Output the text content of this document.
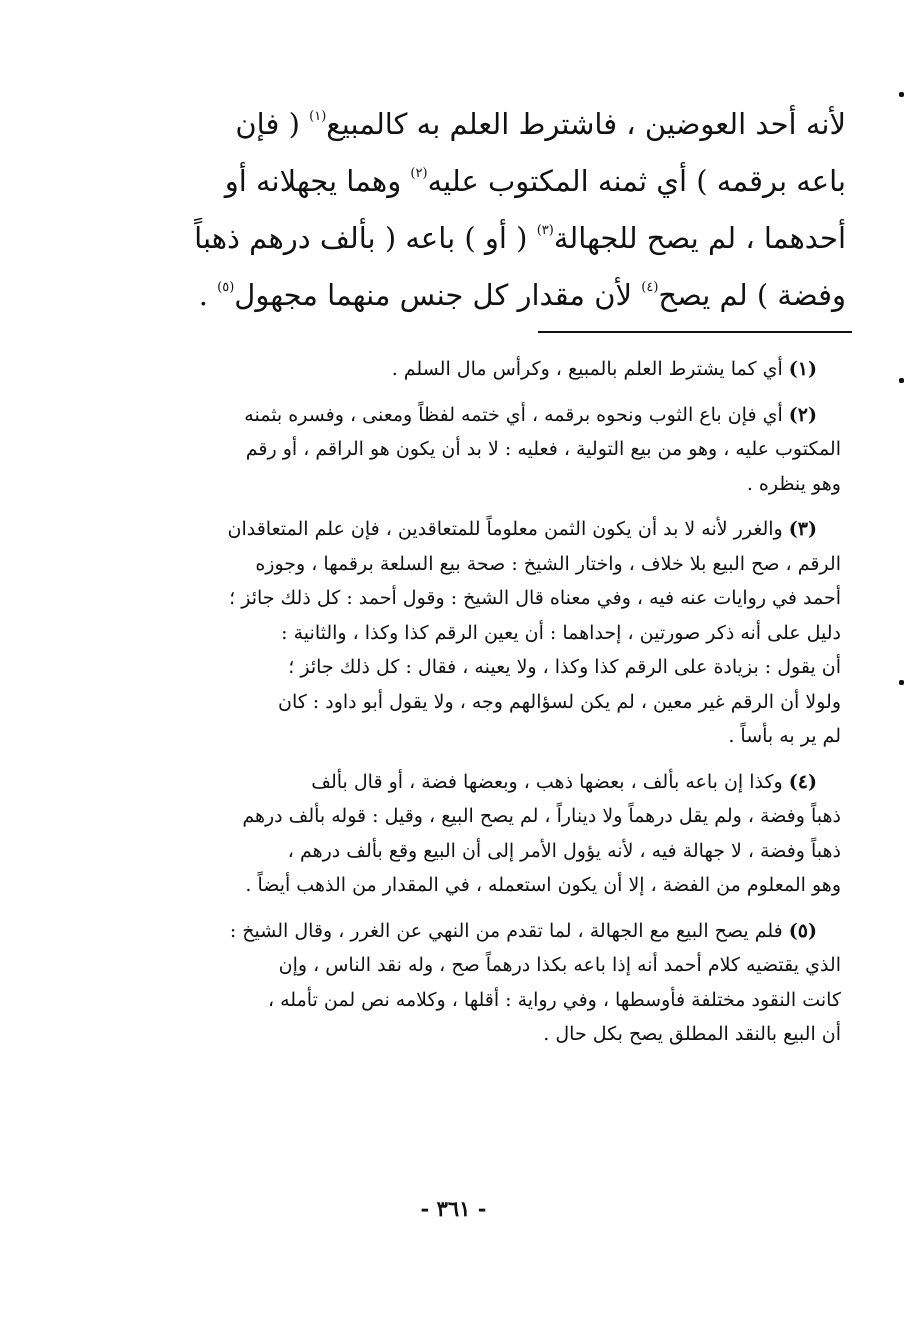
لأنه أحد العوضين ، فاشترط العلم به كالمبيع$^{(١)}$ ( فإن
باعه برقمه ) أي ثمنه المكتوب عليه$^{(٢)}$ وهما يجهلانه أو
أحدهما ، لم يصح للجهالة$^{(٣)}$ ( أو ) باعه ( بألف درهم ذهباً
وفضة ) لم يصح$^{(٤)}$ لأن مقدار كل جنس منهما مجهول$^{(٥)}$ .
(١) أي كما يشترط العلم بالمبيع ، وكرأس مال السلم .
(٢) أي فإن باع الثوب ونحوه برقمه ، أي ختمه لفظاً ومعنى ، وفسره بثمنه
المكتوب عليه ، وهو من بيع التولية ، فعليه : لا بد أن يكون هو الراقم ، أو رقم
وهو ينظره .
(٣) والغرر لأنه لا بد أن يكون الثمن معلوماً للمتعاقدين ، فإن علم المتعاقدان
الرقم ، صح البيع بلا خلاف ، واختار الشيخ : صحة بيع السلعة برقمها ، وجوزه
أحمد في روايات عنه فيه ، وفي معناه قال الشيخ : وقول أحمد : كل ذلك جائز ؛
دليل على أنه ذكر صورتين ، إحداهما : أن يعين الرقم كذا وكذا ، والثانية :
أن يقول : بزيادة على الرقم كذا وكذا ، ولا يعينه ، فقال : كل ذلك جائز ؛
ولولا أن الرقم غير معين ، لم يكن لسؤالهم وجه ، ولا يقول أبو داود : كان
لم ير به بأساً .
(٤) وكذا إن باعه بألف ، بعضها ذهب ، وبعضها فضة ، أو قال بألف
ذهباً وفضة ، ولم يقل درهماً ولا ديناراً ، لم يصح البيع ، وقيل : قوله بألف درهم
ذهباً وفضة ، لا جهالة فيه ، لأنه يؤول الأمر إلى أن البيع وقع بألف درهم ،
وهو المعلوم من الفضة ، إلا أن يكون استعمله ، في المقدار من الذهب أيضاً .
(٥) فلم يصح البيع مع الجهالة ، لما تقدم من النهي عن الغرر ، وقال الشيخ :
الذي يقتضيه كلام أحمد أنه إذا باعه بكذا درهماً صح ، وله نقد الناس ، وإن
كانت النقود مختلفة فأوسطها ، وفي رواية : أقلها ، وكلامه نص لمن تأمله ،
أن البيع بالنقد المطلق يصح بكل حال .
- ٣٦١ -
